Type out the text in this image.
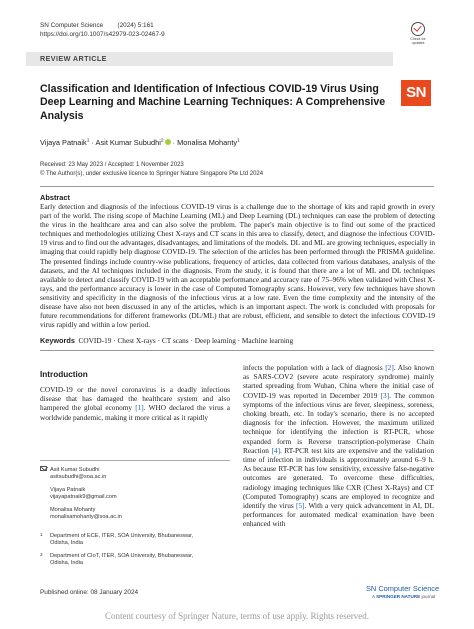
SN Computer Science (2024) 5:161
https://doi.org/10.1007/s42979-023-02467-9
Check for
updates
REVIEW ARTICLE
SN
Classification and Identification of Infectious COVID-19 Virus Using Deep Learning and Machine Learning Techniques: A Comprehensive Analysis
Vijaya Patnaik$^1$ · Asit Kumar Subudhi$^2$ · Monalisa Mohanty$^1$
Received: 23 May 2023 / Accepted: 1 November 2023
© The Author(s), under exclusive licence to Springer Nature Singapore Pte Ltd 2024
Abstract
Early detection and diagnosis of the infectious COVID-19 virus is a challenge due to the shortage of kits and rapid growth in every part of the world. The rising scope of Machine Learning (ML) and Deep Learning (DL) techniques can ease the problem of detecting the virus in the healthcare area and can also solve the problem. The paper's main objective is to find out some of the practiced techniques and methodologies utilizing Chest X-rays and CT scans in this area to classify, detect, and diagnose the infectious COVID-19 virus and to find out the advantages, disadvantages, and limitations of the models. DL and ML are growing techniques, especially in imaging that could rapidly help diagnose COVID-19. The selection of the articles has been performed through the PRISMA guideline. The presented findings include country-wise publications, frequency of articles, data collected from various databases, analysis of the datasets, and the AI techniques included in the diagnosis. From the study, it is found that there are a lot of ML and DL techniques available to detect and classify COVID-19 with an acceptable performance and accuracy rate of 75–96% when validated with Chest X-rays, and the performance accuracy is lower in the case of Computed Tomography scans. However, very few techniques have shown sensitivity and specificity in the diagnosis of the infectious virus at a low rate. Even the time complexity and the intensity of the disease have also not been discussed in any of the articles, which is an important aspect. The work is concluded with proposals for future recommendations for different frameworks (DL/ML) that are robust, efficient, and sensible to detect the infectious COVID-19 virus rapidly and within a low period.
Keywords COVID-19 · Chest X-rays · CT scans · Deep learning · Machine learning
Introduction
COVID-19 or the novel coronavirus is a deadly infectious disease that has damaged the healthcare system and also hampered the global economy [1]. WHO declared the virus a worldwide pandemic, making it more critical as it rapidly
infects the population with a lack of diagnosis [2]. Also known as SARS-COV2 (severe acute respiratory syndrome) mainly started spreading from Wuhan, China where the initial case of COVID-19 was reported in December 2019 [3]. The common symptoms of the infectious virus are fever, sleepiness, soreness, choking breath, etc. In today's scenario, there is no accepted diagnosis for the infection. However, the maximum utilized technique for identifying the infection is RT-PCR, whose expanded form is Reverse transcription-polymerase Chain Reaction [4]. RT-PCR test kits are expensive and the validation time of infection in individuals is approximately around 6–9 h. As because RT-PCR has low sensitivity, excessive false-negative outcomes are generated. To overcome these difficulties, radiology imaging techniques like CXR (Chest X-Rays) and CT (Computed Tomography) scans are employed to recognize and identify the virus [5]. With a very quick advancement in AI, DL performances for automated medical examination have been enhanced with
Asit Kumar Subudhi
asitsubudhi@soa.ac.in
Vijaya Patnaik
vijayapatnaik9@gmail.com
Monalisa Mohanty
monalisamohanty@soa.ac.in
1 Department of ECE, ITER, SOA University, Bhubaneswar,
Odisha, India
2 Department of CIoT, ITER, SOA University, Bhubaneswar,
Odisha, India
Published online: 08 January 2024	SN Computer Science
A SPRINGER NATURE journal
Content courtesy of Springer Nature, terms of use apply. Rights reserved.
